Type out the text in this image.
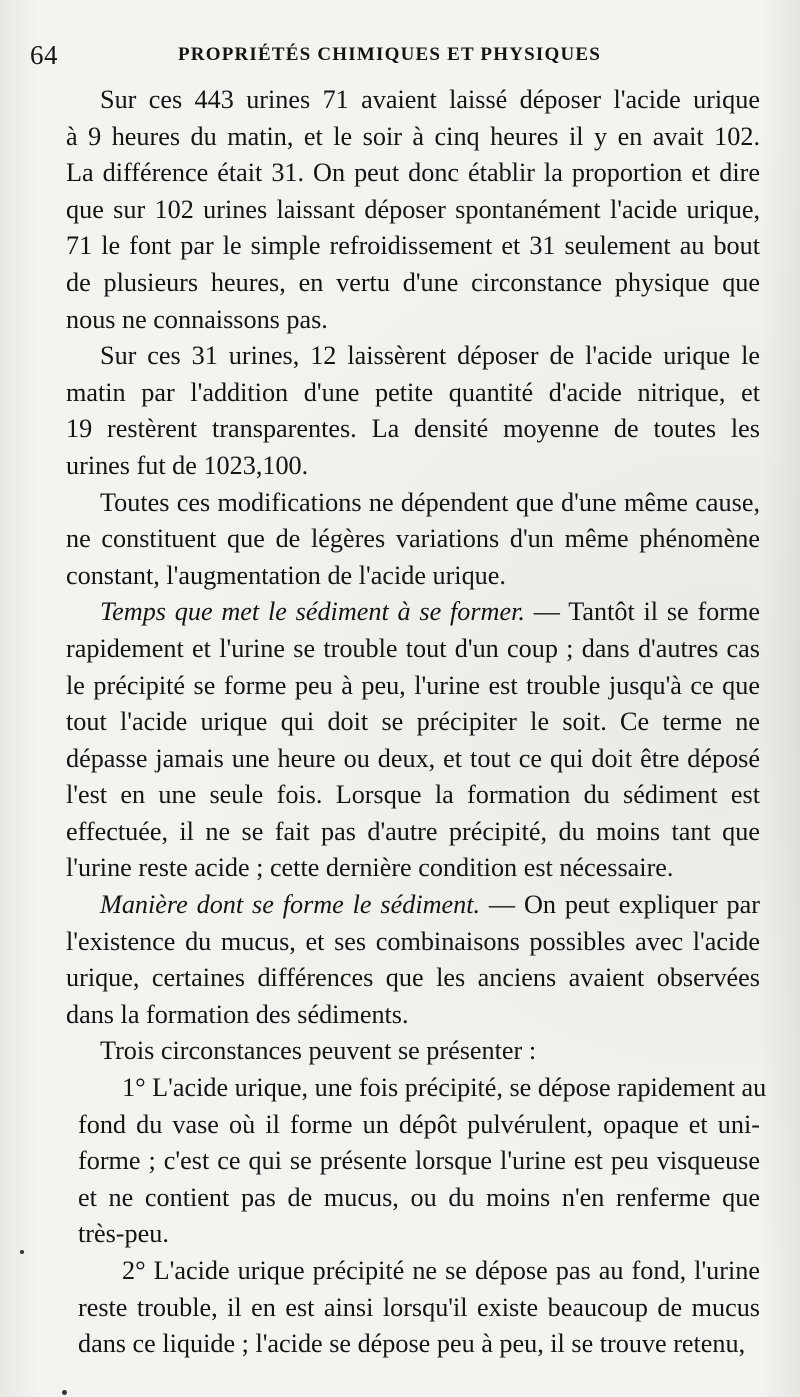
64	PROPRIÉTÉS CHIMIQUES ET PHYSIQUES

Sur ces 443 urines 71 avaient laissé déposer l'acide urique
à 9 heures du matin, et le soir à cinq heures il y en avait 102.
La différence était 31. On peut donc établir la proportion et dire
que sur 102 urines laissant déposer spontanément l'acide urique,
71 le font par le simple refroidissement et 31 seulement au bout
de plusieurs heures, en vertu d'une circonstance physique que
nous ne connaissons pas.

Sur ces 31 urines, 12 laissèrent déposer de l'acide urique le
matin par l'addition d'une petite quantité d'acide nitrique, et
19 restèrent transparentes. La densité moyenne de toutes les
urines fut de 1023,100.

Toutes ces modifications ne dépendent que d'une même cause,
ne constituent que de légères variations d'un même phénomène
constant, l'augmentation de l'acide urique.

Temps que met le sédiment à se former. — Tantôt il se forme
rapidement et l'urine se trouble tout d'un coup ; dans d'autres cas
le précipité se forme peu à peu, l'urine est trouble jusqu'à ce que
tout l'acide urique qui doit se précipiter le soit. Ce terme ne
dépasse jamais une heure ou deux, et tout ce qui doit être déposé
l'est en une seule fois. Lorsque la formation du sédiment est
effectuée, il ne se fait pas d'autre précipité, du moins tant que
l'urine reste acide ; cette dernière condition est nécessaire.

Manière dont se forme le sédiment. — On peut expliquer par
l'existence du mucus, et ses combinaisons possibles avec l'acide
urique, certaines différences que les anciens avaient observées
dans la formation des sédiments.

Trois circonstances peuvent se présenter :

1° L'acide urique, une fois précipité, se dépose rapidement au
fond du vase où il forme un dépôt pulvérulent, opaque et uni-
forme ; c'est ce qui se présente lorsque l'urine est peu visqueuse
et ne contient pas de mucus, ou du moins n'en renferme que
très-peu.

2° L'acide urique précipité ne se dépose pas au fond, l'urine
reste trouble, il en est ainsi lorsqu'il existe beaucoup de mucus
dans ce liquide ; l'acide se dépose peu à peu, il se trouve retenu,
